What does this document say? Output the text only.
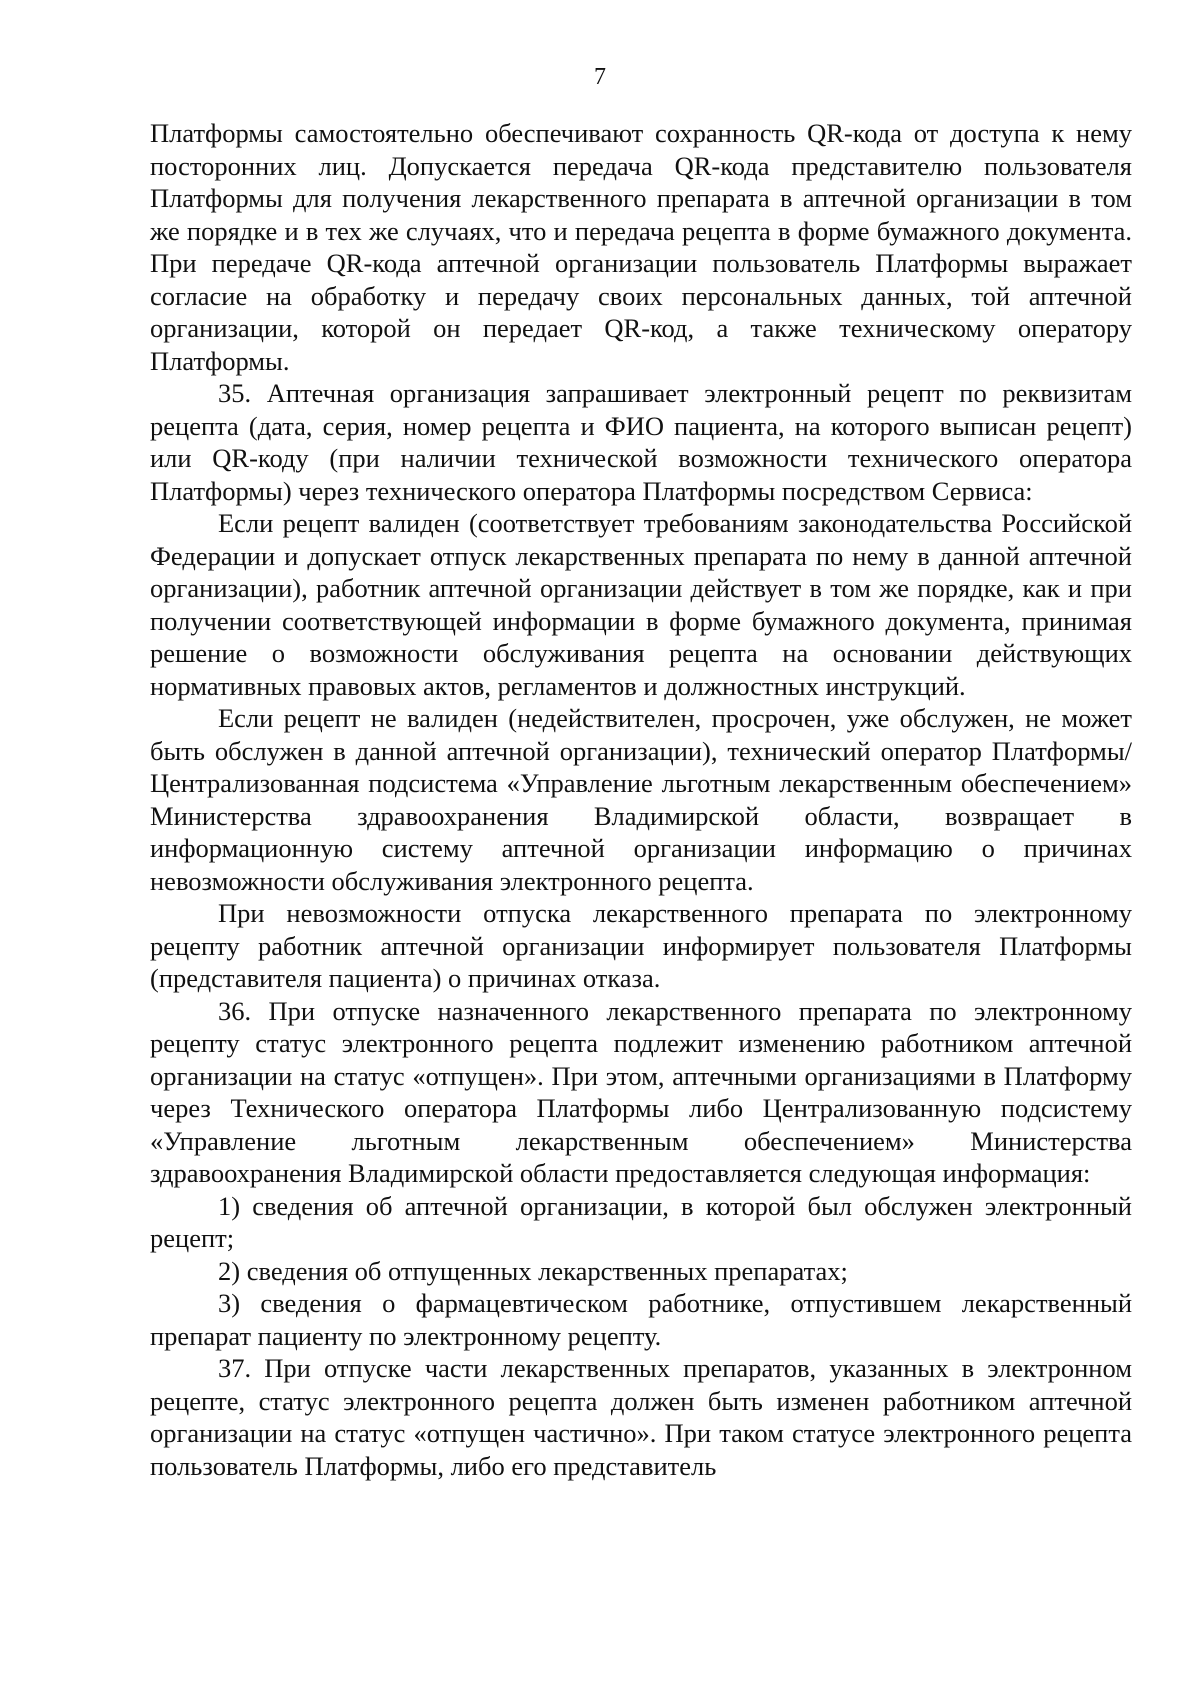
7

Платформы самостоятельно обеспечивают сохранность QR-кода от доступа к нему посторонних лиц. Допускается передача QR-кода представителю пользователя Платформы для получения лекарственного препарата в аптечной организации в том же порядке и в тех же случаях, что и передача рецепта в форме бумажного документа. При передаче QR-кода аптечной организации пользователь Платформы выражает согласие на обработку и передачу своих персональных данных, той аптечной организации, которой он передает QR-код, а также техническому оператору Платформы.

35. Аптечная организация запрашивает электронный рецепт по реквизитам рецепта (дата, серия, номер рецепта и ФИО пациента, на которого выписан рецепт) или QR-коду (при наличии технической возможности технического оператора Платформы) через технического оператора Платформы посредством Сервиса:

Если рецепт валиден (соответствует требованиям законодательства Российской Федерации и допускает отпуск лекарственных препарата по нему в данной аптечной организации), работник аптечной организации действует в том же порядке, как и при получении соответствующей информации в форме бумажного документа, принимая решение о возможности обслуживания рецепта на основании действующих нормативных правовых актов, регламентов и должностных инструкций.

Если рецепт не валиден (недействителен, просрочен, уже обслужен, не может быть обслужен в данной аптечной организации), технический оператор Платформы/ Централизованная подсистема «Управление льготным лекарственным обеспечением» Министерства здравоохранения Владимирской области, возвращает в информационную систему аптечной организации информацию о причинах невозможности обслуживания электронного рецепта.

При невозможности отпуска лекарственного препарата по электронному рецепту работник аптечной организации информирует пользователя Платформы (представителя пациента) о причинах отказа.

36. При отпуске назначенного лекарственного препарата по электронному рецепту статус электронного рецепта подлежит изменению работником аптечной организации на статус «отпущен». При этом, аптечными организациями в Платформу через Технического оператора Платформы либо Централизованную подсистему «Управление льготным лекарственным обеспечением» Министерства здравоохранения Владимирской области предоставляется следующая информация:

1) сведения об аптечной организации, в которой был обслужен электронный рецепт;

2) сведения об отпущенных лекарственных препаратах;

3) сведения о фармацевтическом работнике, отпустившем лекарственный препарат пациенту по электронному рецепту.

37. При отпуске части лекарственных препаратов, указанных в электронном рецепте, статус электронного рецепта должен быть изменен работником аптечной организации на статус «отпущен частично». При таком статусе электронного рецепта пользователь Платформы, либо его представитель
